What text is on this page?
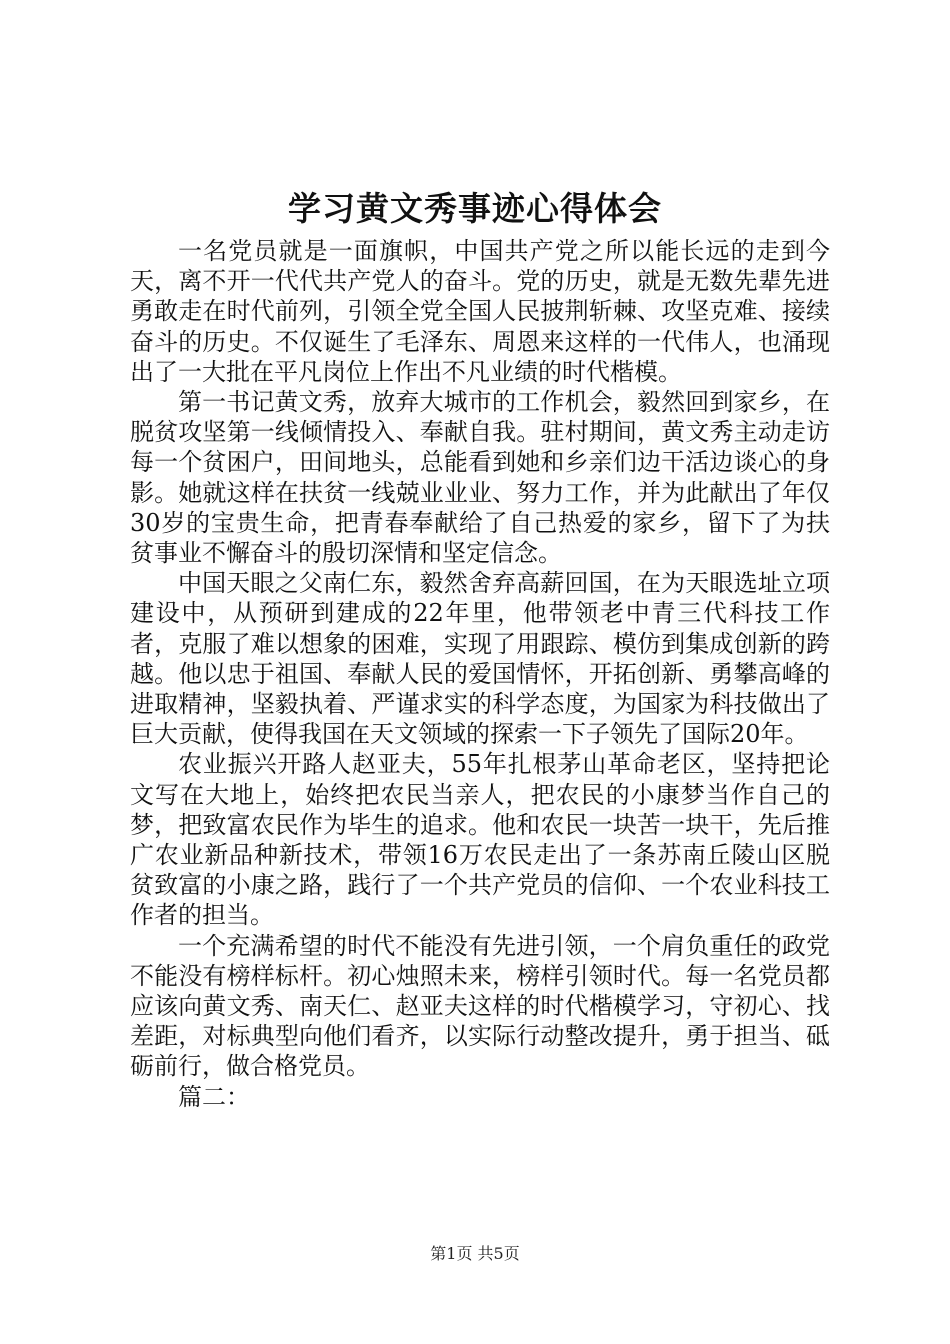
学习黄文秀事迹心得体会

一名党员就是一面旗帜，中国共产党之所以能长远的走到今天，离不开一代代共产党人的奋斗。党的历史，就是无数先辈先进勇敢走在时代前列，引领全党全国人民披荆斩棘、攻坚克难、接续奋斗的历史。不仅诞生了毛泽东、周恩来这样的一代伟人，也涌现出了一大批在平凡岗位上作出不凡业绩的时代楷模。

第一书记黄文秀，放弃大城市的工作机会，毅然回到家乡，在脱贫攻坚第一线倾情投入、奉献自我。驻村期间，黄文秀主动走访每一个贫困户，田间地头，总能看到她和乡亲们边干活边谈心的身影。她就这样在扶贫一线兢业业业、努力工作，并为此献出了年仅30岁的宝贵生命，把青春奉献给了自己热爱的家乡，留下了为扶贫事业不懈奋斗的殷切深情和坚定信念。

中国天眼之父南仁东，毅然舍弃高薪回国，在为天眼选址立项建设中，从预研到建成的22年里，他带领老中青三代科技工作者，克服了难以想象的困难，实现了用跟踪、模仿到集成创新的跨越。他以忠于祖国、奉献人民的爱国情怀，开拓创新、勇攀高峰的进取精神，坚毅执着、严谨求实的科学态度，为国家为科技做出了巨大贡献，使得我国在天文领域的探索一下子领先了国际20年。

农业振兴开路人赵亚夫，55年扎根茅山革命老区，坚持把论文写在大地上，始终把农民当亲人，把农民的小康梦当作自己的梦，把致富农民作为毕生的追求。他和农民一块苦一块干，先后推广农业新品种新技术，带领16万农民走出了一条苏南丘陵山区脱贫致富的小康之路，践行了一个共产党员的信仰、一个农业科技工作者的担当。

一个充满希望的时代不能没有先进引领，一个肩负重任的政党不能没有榜样标杆。初心烛照未来，榜样引领时代。每一名党员都应该向黄文秀、南天仁、赵亚夫这样的时代楷模学习，守初心、找差距，对标典型向他们看齐，以实际行动整改提升，勇于担当、砥砺前行，做合格党员。

篇二：

第1页 共5页
